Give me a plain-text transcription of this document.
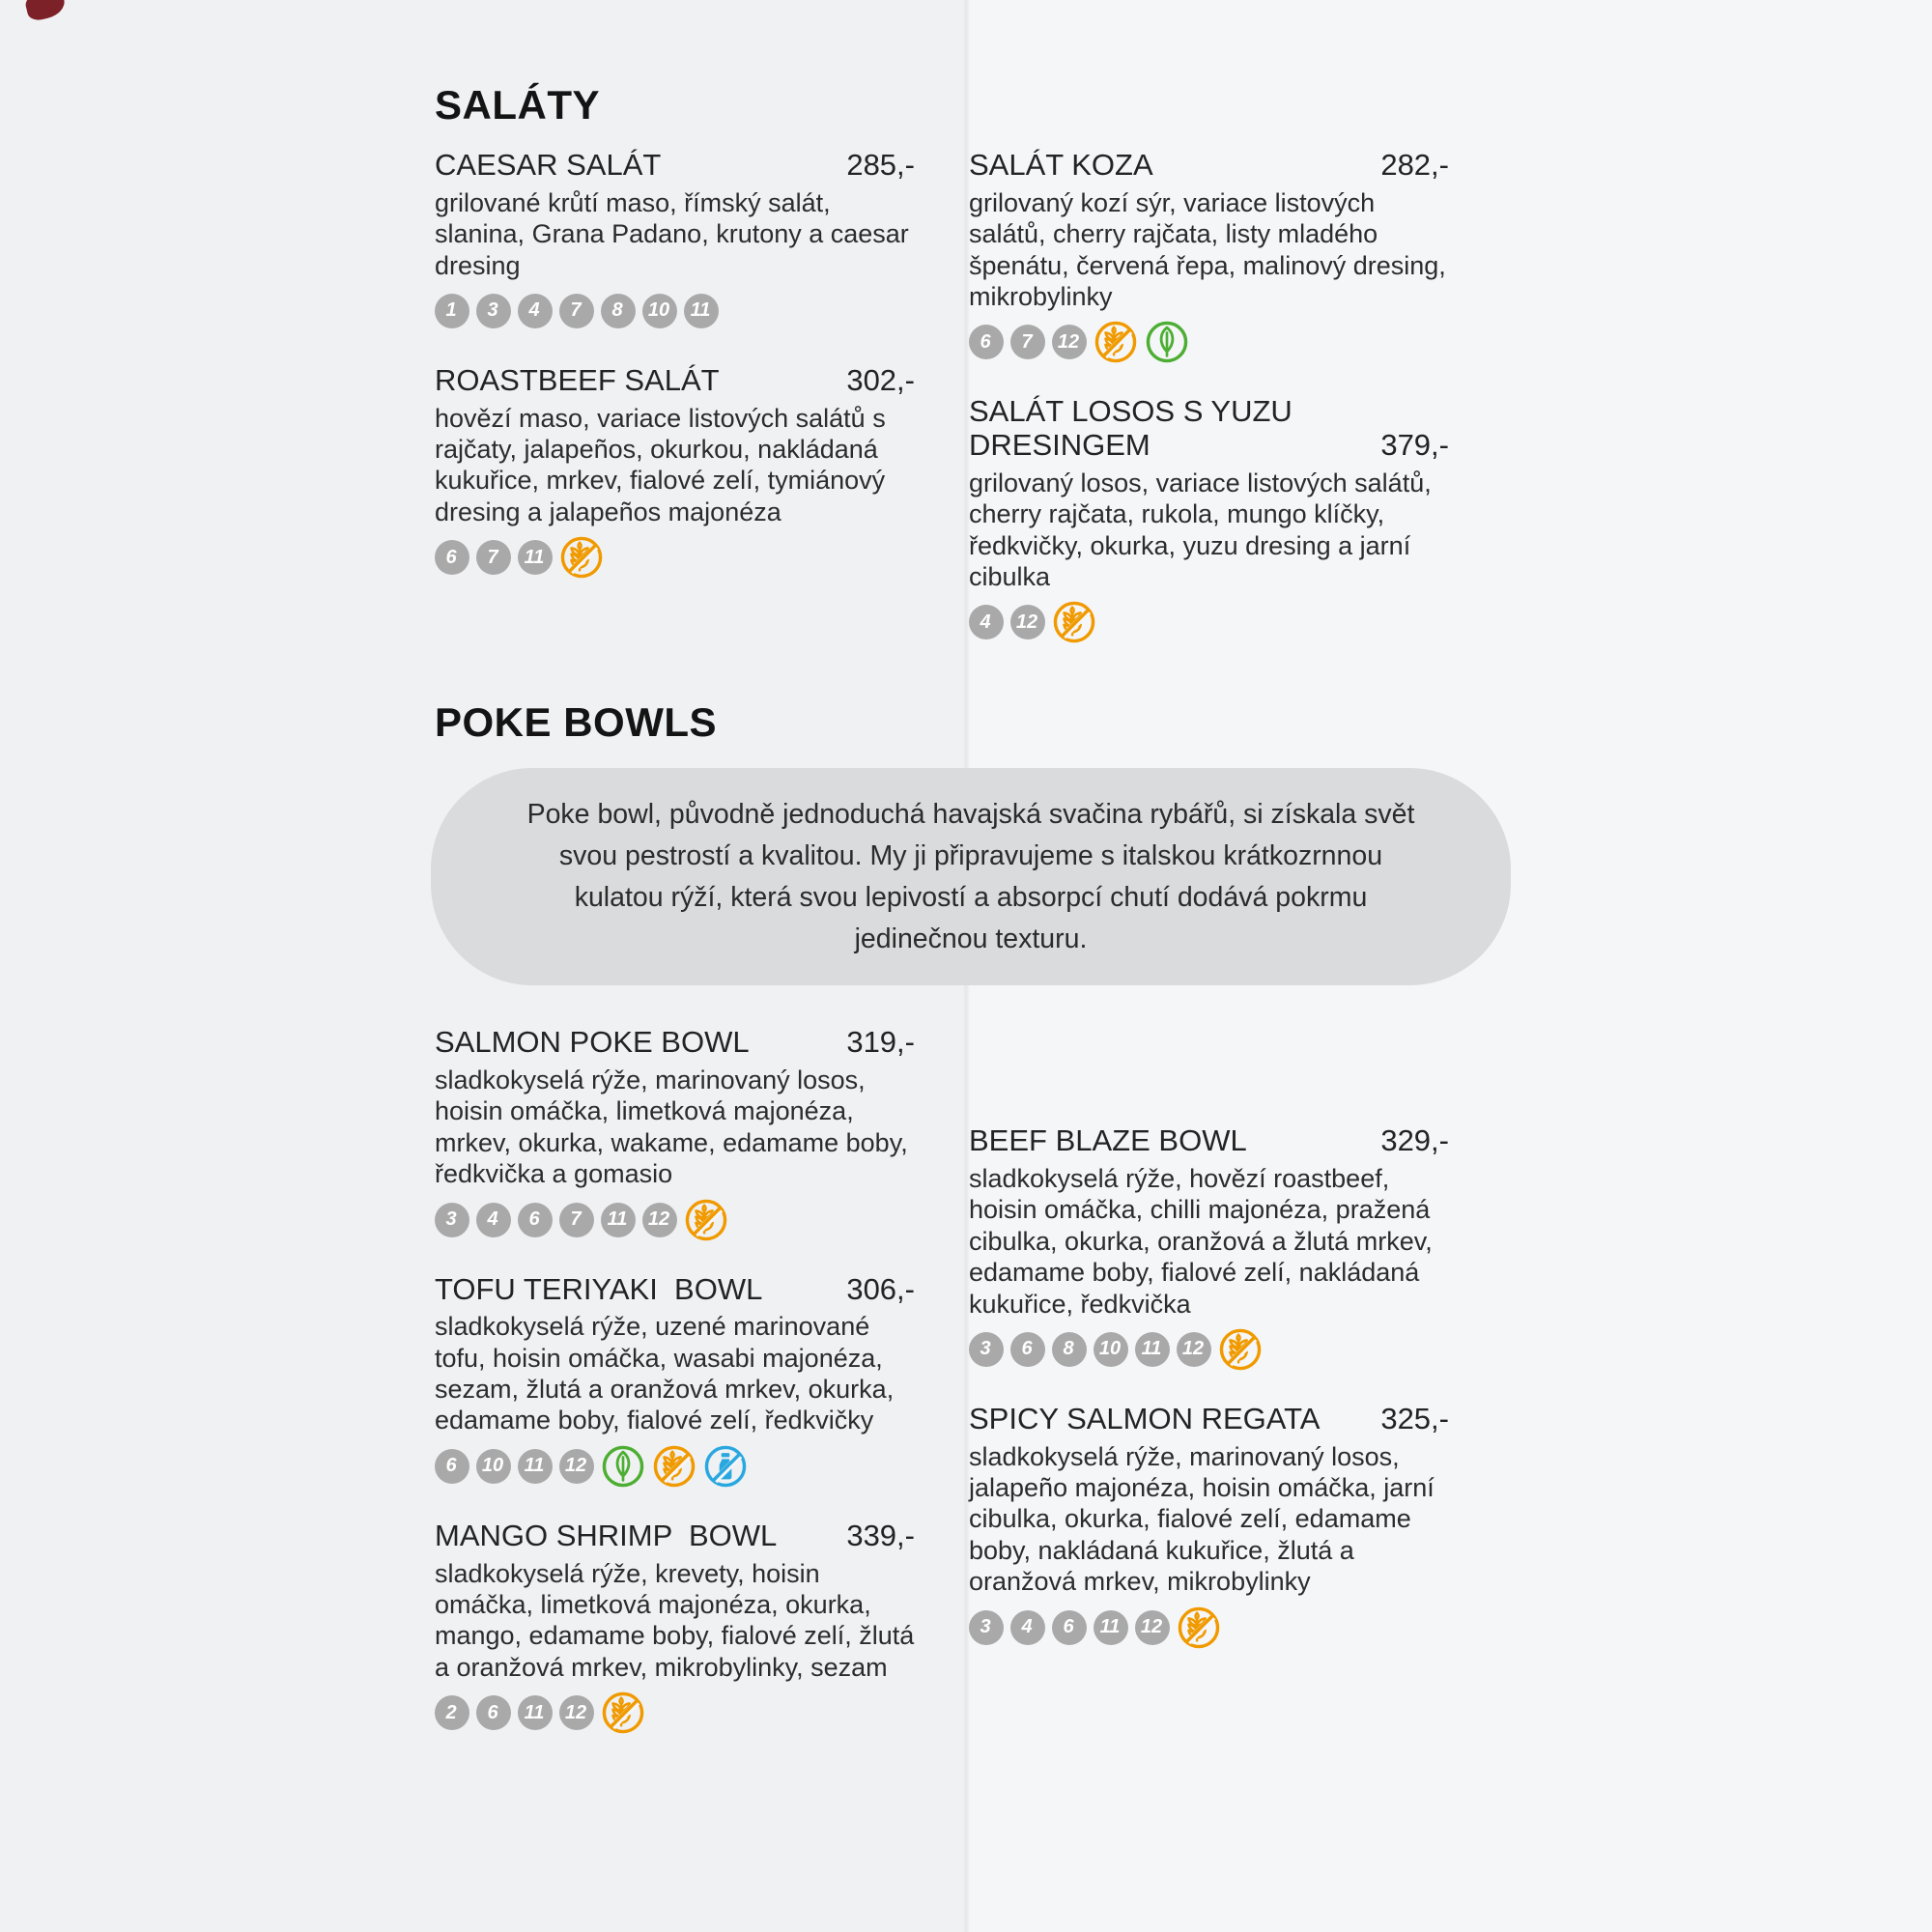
SALÁTY
CAESAR SALÁT	285,-

grilované krůtí maso, římský salát, slanina, Grana Padano, krutony a caesar dresing

1	3	4	7	8	10	11
ROASTBEEF SALÁT	302,-

hovězí maso, variace listových salátů s rajčaty, jalapeños, okurkou, nakládaná kukuřice, mrkev, fialové zelí, tymiánový dresing a jalapeños majonéza

6	7	11
SALÁT KOZA	282,-

grilovaný kozí sýr, variace listových salátů, cherry rajčata, listy mladého špenátu, červená řepa, malinový dresing, mikrobylinky

6	7	12
SALÁT LOSOS S YUZU DRESINGEM	379,-

grilovaný losos, variace listových salátů, cherry rajčata, rukola, mungo klíčky, ředkvičky, okurka, yuzu dresing a jarní cibulka

4	12
POKE BOWLS
Poke bowl, původně jednoduchá havajská svačina rybářů, si získala svět svou pestrostí a kvalitou. My ji připravujeme s italskou krátkozrnnou kulatou rýží, která svou lepivostí a absorpcí chutí dodává pokrmu jedinečnou texturu.
SALMON POKE BOWL	319,-

sladkokyselá rýže, marinovaný losos, hoisin omáčka, limetková majonéza, mrkev, okurka, wakame, edamame boby, ředkvička a gomasio

3	4	6	7	11	12
TOFU TERIYAKI  BOWL	306,-

sladkokyselá rýže, uzené marinované tofu, hoisin omáčka, wasabi majonéza, sezam, žlutá a oranžová mrkev, okurka, edamame boby, fialové zelí, ředkvičky

6	10	11	12
MANGO SHRIMP  BOWL 339,-

sladkokyselá rýže, krevety, hoisin omáčka, limetková majonéza, okurka, mango, edamame boby, fialové zelí, žlutá a oranžová mrkev, mikrobylinky, sezam

2	6	11	12
BEEF BLAZE BOWL	329,-

sladkokyselá rýže, hovězí roastbeef, hoisin omáčka, chilli majonéza, pražená cibulka, okurka, oranžová a žlutá mrkev, edamame boby, fialové zelí, nakládaná kukuřice, ředkvička

3	6	8	10	11	12
SPICY SALMON REGATA 325,-

sladkokyselá rýže, marinovaný losos, jalapeño majonéza, hoisin omáčka, jarní cibulka, okurka, fialové zelí, edamame boby, nakládaná kukuřice, žlutá a oranžová mrkev, mikrobylinky

3	4	6	11	12
